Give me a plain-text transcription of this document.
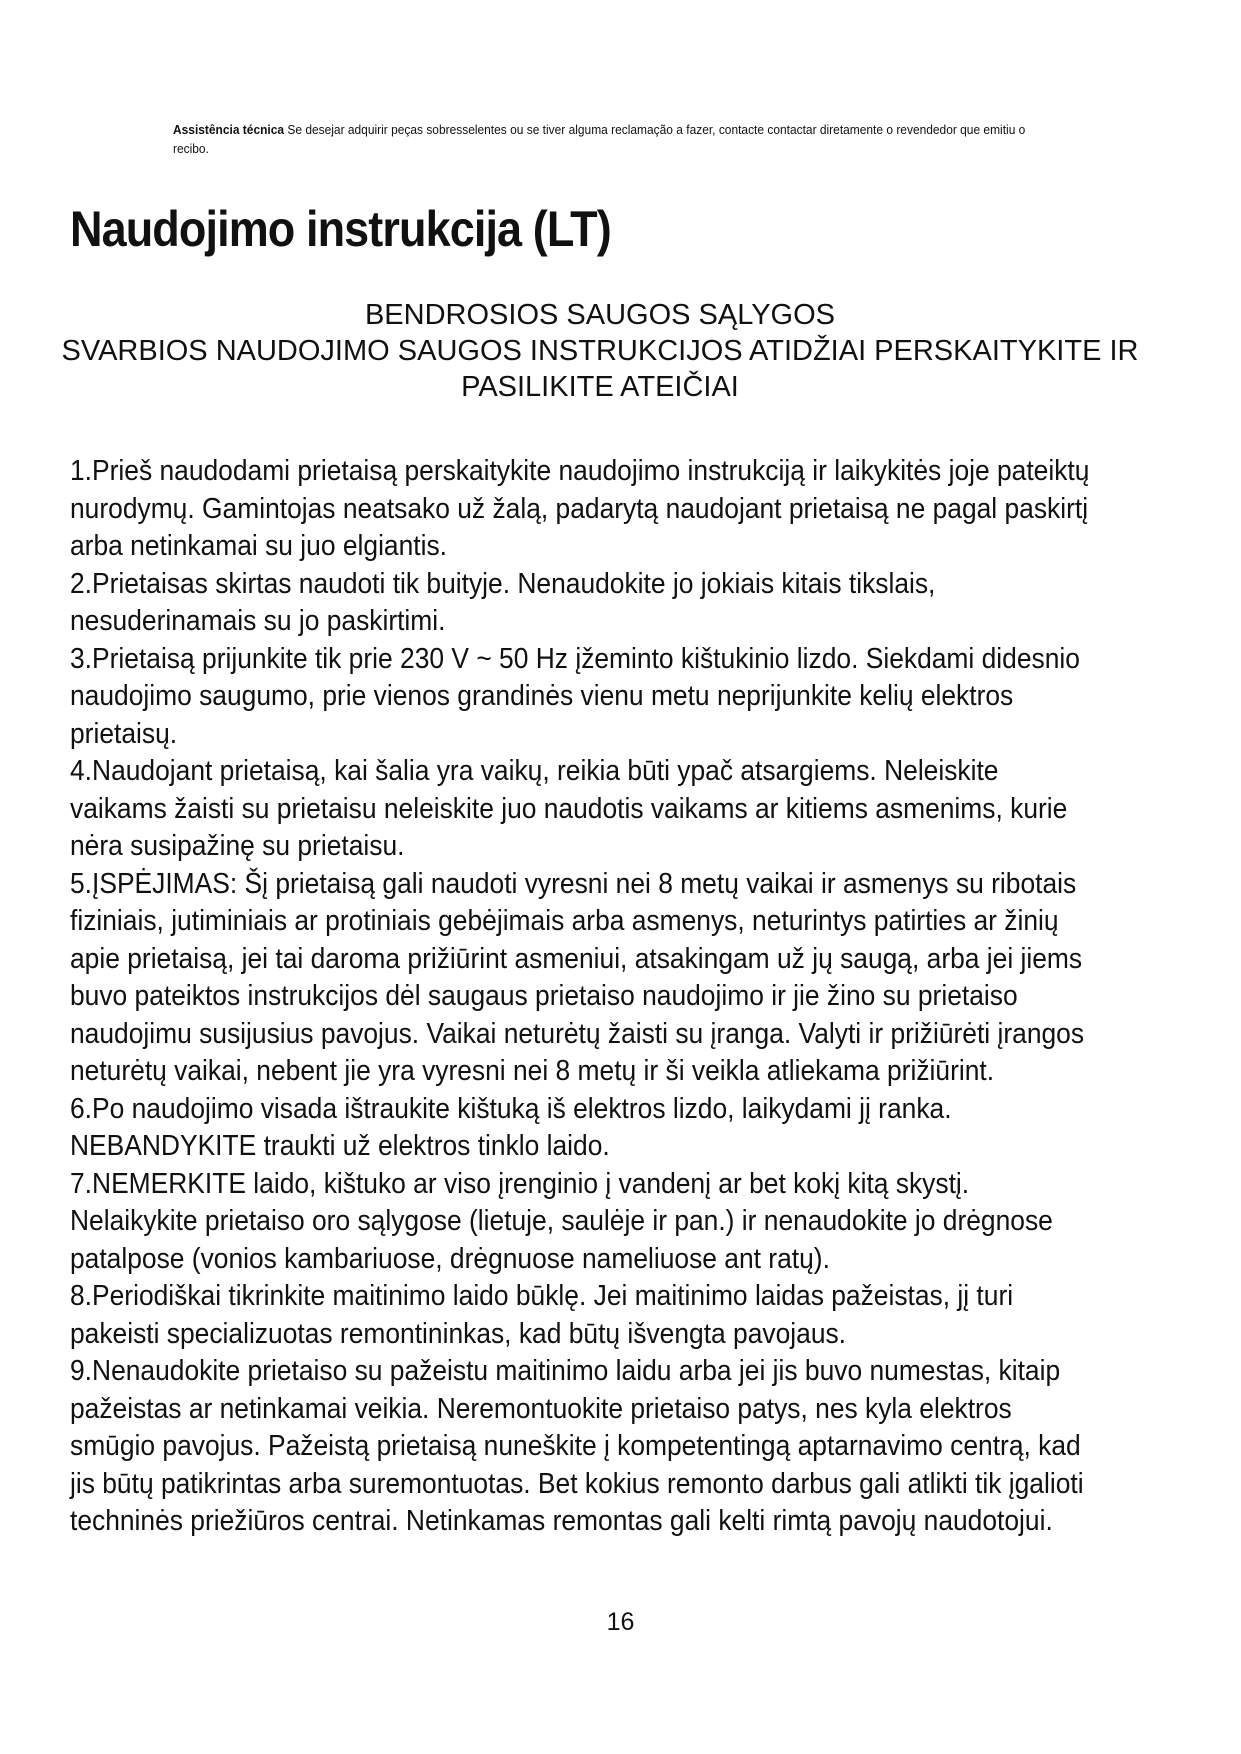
Assistência técnica Se desejar adquirir peças sobresselentes ou se tiver alguma reclamação a fazer, contacte contactar diretamente o revendedor que emitiu o recibo.
Naudojimo instrukcija (LT)
BENDROSIOS SAUGOS SĄLYGOS
SVARBIOS NAUDOJIMO SAUGOS INSTRUKCIJOS ATIDŽIAI PERSKAITYKITE IR
PASILIKITE ATEIČIAI
1.Prieš naudodami prietaisą perskaitykite naudojimo instrukciją ir laikykitės joje pateiktų
nurodymų. Gamintojas neatsako už žalą, padarytą naudojant prietaisą ne pagal paskirtį
arba netinkamai su juo elgiantis.
2.Prietaisas skirtas naudoti tik buityje. Nenaudokite jo jokiais kitais tikslais,
nesuderinamais su jo paskirtimi.
3.Prietaisą prijunkite tik prie 230 V ~ 50 Hz įžeminto kištukinio lizdo. Siekdami didesnio
naudojimo saugumo, prie vienos grandinės vienu metu neprijunkite kelių elektros
prietaisų.
4.Naudojant prietaisą, kai šalia yra vaikų, reikia būti ypač atsargiems. Neleiskite
vaikams žaisti su prietaisu neleiskite juo naudotis vaikams ar kitiems asmenims, kurie
nėra susipažinę su prietaisu.
5.ĮSPĖJIMAS: Šį prietaisą gali naudoti vyresni nei 8 metų vaikai ir asmenys su ribotais
fiziniais, jutiminiais ar protiniais gebėjimais arba asmenys, neturintys patirties ar žinių
apie prietaisą, jei tai daroma prižiūrint asmeniui, atsakingam už jų saugą, arba jei jiems
buvo pateiktos instrukcijos dėl saugaus prietaiso naudojimo ir jie žino su prietaiso
naudojimu susijusius pavojus. Vaikai neturėtų žaisti su įranga. Valyti ir prižiūrėti įrangos
neturėtų vaikai, nebent jie yra vyresni nei 8 metų ir ši veikla atliekama prižiūrint.
6.Po naudojimo visada ištraukite kištuką iš elektros lizdo, laikydami jį ranka.
NEBANDYKITE traukti už elektros tinklo laido.
7.NEMERKITE laido, kištuko ar viso įrenginio į vandenį ar bet kokį kitą skystį.
Nelaikykite prietaiso oro sąlygose (lietuje, saulėje ir pan.) ir nenaudokite jo drėgnose
patalpose (vonios kambariuose, drėgnuose nameliuose ant ratų).
8.Periodiškai tikrinkite maitinimo laido būklę. Jei maitinimo laidas pažeistas, jį turi
pakeisti specializuotas remontininkas, kad būtų išvengta pavojaus.
9.Nenaudokite prietaiso su pažeistu maitinimo laidu arba jei jis buvo numestas, kitaip
pažeistas ar netinkamai veikia. Neremontuokite prietaiso patys, nes kyla elektros
smūgio pavojus. Pažeistą prietaisą nuneškite į kompetentingą aptarnavimo centrą, kad
jis būtų patikrintas arba suremontuotas. Bet kokius remonto darbus gali atlikti tik įgalioti
techninės priežiūros centrai. Netinkamas remontas gali kelti rimtą pavojų naudotojui.
16
